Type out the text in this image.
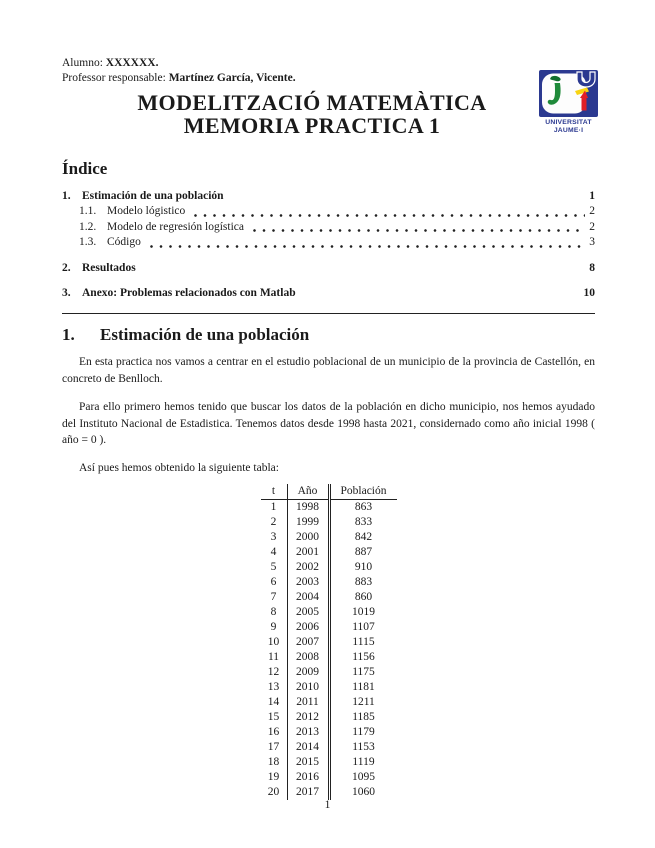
Alumno: XXXXXX.
Professor responsable: Martínez García, Vicente.
UNIVERSITAT
JAUME·I
MODELITZACIÓ MATEMÀTICA
MEMORIA PRACTICA 1
Índice
1. Estimación de una población	1
1.1. Modelo lógistico	2
1.2. Modelo de regresión logística	2
1.3. Código	3
2. Resultados	8
3. Anexo: Problemas relacionados con Matlab	10
1.	Estimación de una población

En esta practica nos vamos a centrar en el estudio poblacional de un municipio de la provincia de Castellón, en concreto de Benlloch.

Para ello primero hemos tenido que buscar los datos de la población en dicho municipio, nos hemos ayudado del Instituto Nacional de Estadistica. Tenemos datos desde 1998 hasta 2021, considernado como año inicial 1998 ( año = 0 ).

Así pues hemos obtenido la siguiente tabla:

t	Año	Población
1	1998	863
2	1999	833
3	2000	842
4	2001	887
5	2002	910
6	2003	883
7	2004	860
8	2005	1019
9	2006	1107
10	2007	1115
11	2008	1156
12	2009	1175
13	2010	1181
14	2011	1211
15	2012	1185
16	2013	1179
17	2014	1153
18	2015	1119
19	2016	1095
20	2017	1060
1
